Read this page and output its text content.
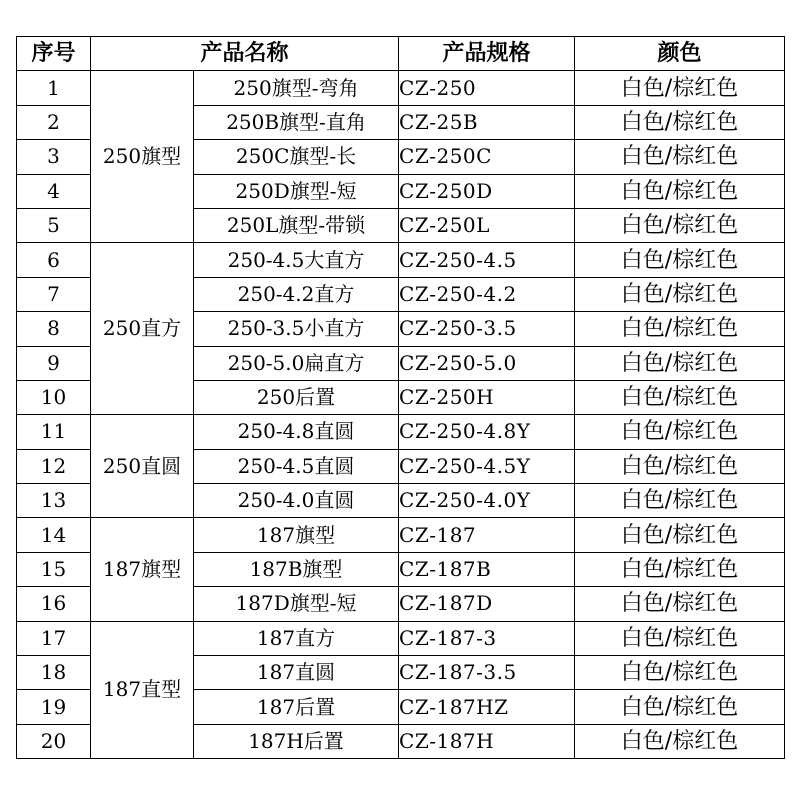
序号	产品名称		产品规格	颜色
1	250旗型	250旗型-弯角	CZ-250	白色/棕红色
2		250B旗型-直角	CZ-25B	白色/棕红色
3		250C旗型-长	CZ-250C	白色/棕红色
4		250D旗型-短	CZ-250D	白色/棕红色
5		250L旗型-带锁	CZ-250L	白色/棕红色
6	250直方	250-4.5大直方	CZ-250-4.5	白色/棕红色
7		250-4.2直方	CZ-250-4.2	白色/棕红色
8		250-3.5小直方	CZ-250-3.5	白色/棕红色
9		250-5.0扁直方	CZ-250-5.0	白色/棕红色
10		250后置	CZ-250H	白色/棕红色
11	250直圆	250-4.8直圆	CZ-250-4.8Y	白色/棕红色
12		250-4.5直圆	CZ-250-4.5Y	白色/棕红色
13		250-4.0直圆	CZ-250-4.0Y	白色/棕红色
14	187旗型	187旗型	CZ-187	白色/棕红色
15		187B旗型	CZ-187B	白色/棕红色
16		187D旗型-短	CZ-187D	白色/棕红色
17	187直型	187直方	CZ-187-3	白色/棕红色
18		187直圆	CZ-187-3.5	白色/棕红色
19		187后置	CZ-187HZ	白色/棕红色
20		187H后置	CZ-187H	白色/棕红色
